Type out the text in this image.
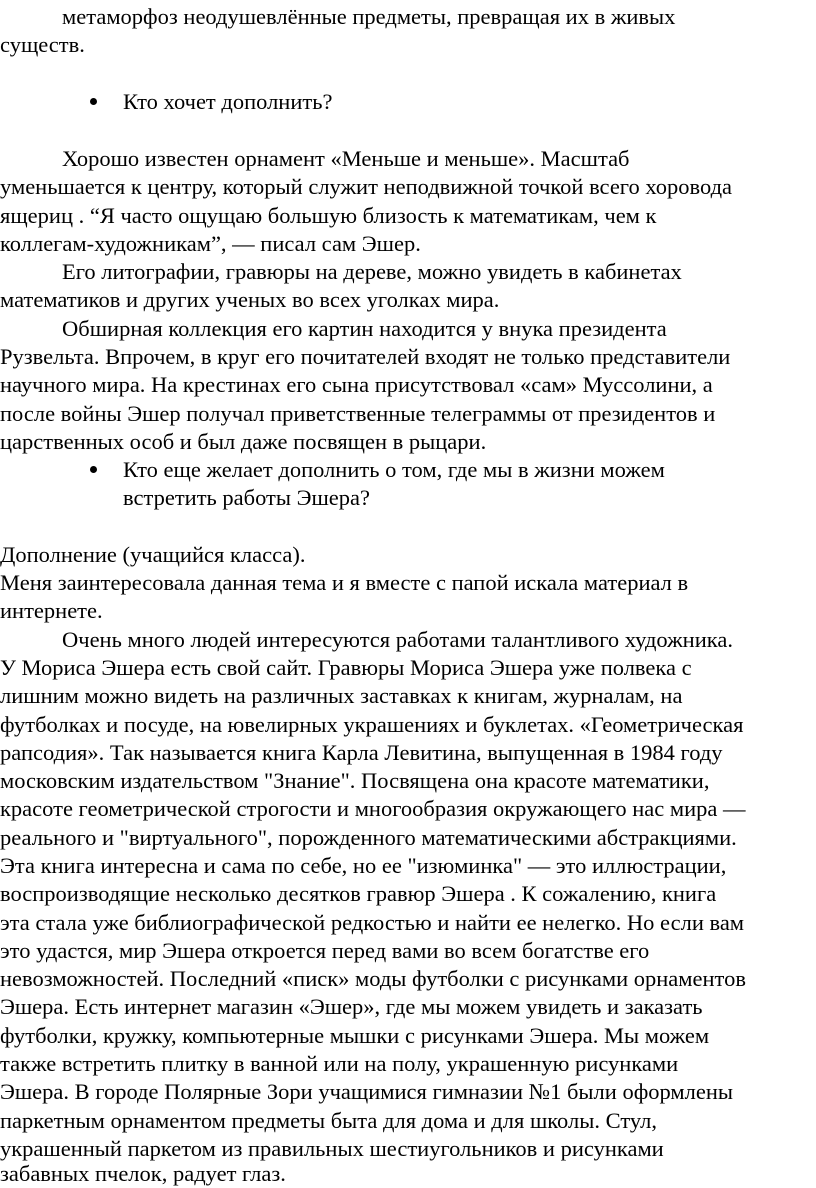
метаморфоз неодушевлённые предметы, превращая их в живых
существ.
Кто хочет дополнить?
Хорошо известен орнамент «Меньше и меньше». Масштаб
уменьшается к центру, который служит неподвижной точкой всего хоровода
ящериц . “Я часто ощущаю большую близость к математикам, чем к
коллегам-художникам”, — писал сам Эшер.
Его литографии, гравюры на дереве, можно увидеть в кабинетах
математиков и других ученых во всех уголках мира.
Обширная коллекция его картин находится у внука президента
Рузвельта. Впрочем, в круг его почитателей входят не только представители
научного мира. На крестинах его сына присутствовал «сам» Муссолини, а
после войны Эшер получал приветственные телеграммы от президентов и
царственных особ и был даже посвящен в рыцари.
Кто еще желает дополнить о том, где мы в жизни можем
встретить работы Эшера?
Дополнение (учащийся класса).
Меня заинтересовала данная тема и я вместе с папой искала материал в
интернете.
Очень много людей интересуются работами талантливого художника.
У Мориса Эшера есть свой сайт. Гравюры Мориса Эшера уже полвека с
лишним можно видеть на различных заставках к книгам, журналам, на
футболках и посуде, на ювелирных украшениях и буклетах. «Геометрическая
рапсодия». Так называется книга Карла Левитина, выпущенная в 1984 году
московским издательством "Знание". Посвящена она красоте математики,
красоте геометрической строгости и многообразия окружающего нас мира —
реального и "виртуального", порожденного математическими абстракциями.
Эта книга интересна и сама по себе, но ее "изюминка" — это иллюстрации,
воспроизводящие несколько десятков гравюр Эшера . К сожалению, книга
эта стала уже библиографической редкостью и найти ее нелегко. Но если вам
это удастся, мир Эшера откроется перед вами во всем богатстве его
невозможностей. Последний «писк» моды футболки с рисунками орнаментов
Эшера. Есть интернет магазин «Эшер», где мы можем увидеть и заказать
футболки, кружку, компьютерные мышки с рисунками Эшера. Мы можем
также встретить плитку в ванной или на полу, украшенную рисунками
Эшера. В городе Полярные Зори учащимися гимназии №1 были оформлены
паркетным орнаментом предметы быта для дома и для школы. Стул,
украшенный паркетом из правильных шестиугольников и рисунками
забавных пчелок, радует глаз.
